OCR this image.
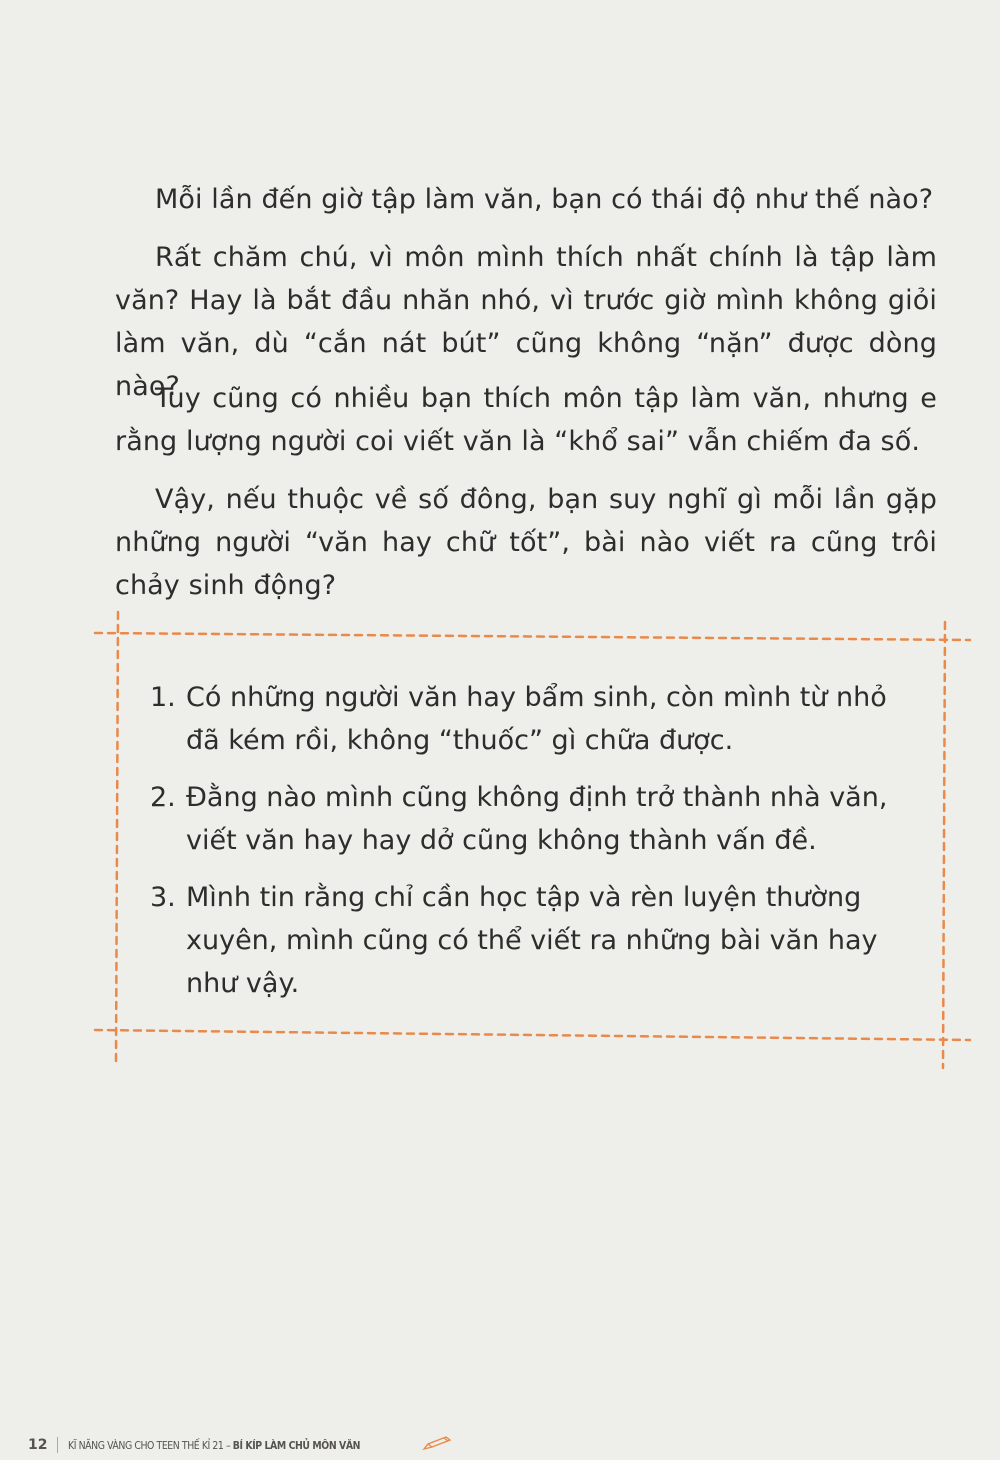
Mỗi lần đến giờ tập làm văn, bạn có thái độ như thế nào?

Rất chăm chú, vì môn mình thích nhất chính là tập làm văn? Hay là bắt đầu nhăn nhó, vì trước giờ mình không giỏi làm văn, dù “cắn nát bút” cũng không “nặn” được dòng nào?

Tuy cũng có nhiều bạn thích môn tập làm văn, nhưng e rằng lượng người coi viết văn là “khổ sai” vẫn chiếm đa số.

Vậy, nếu thuộc về số đông, bạn suy nghĩ gì mỗi lần gặp những người “văn hay chữ tốt”, bài nào viết ra cũng trôi chảy sinh động?

1. Có những người văn hay bẩm sinh, còn mình từ nhỏ đã kém rồi, không “thuốc” gì chữa được.
2. Đằng nào mình cũng không định trở thành nhà văn, viết văn hay hay dở cũng không thành vấn đề.
3. Mình tin rằng chỉ cần học tập và rèn luyện thường xuyên, mình cũng có thể viết ra những bài văn hay như vậy.
12 KĨ NĂNG VÀNG CHO TEEN THẾ KỈ 21 – BÍ KÍP LÀM CHỦ MÔN VĂN
